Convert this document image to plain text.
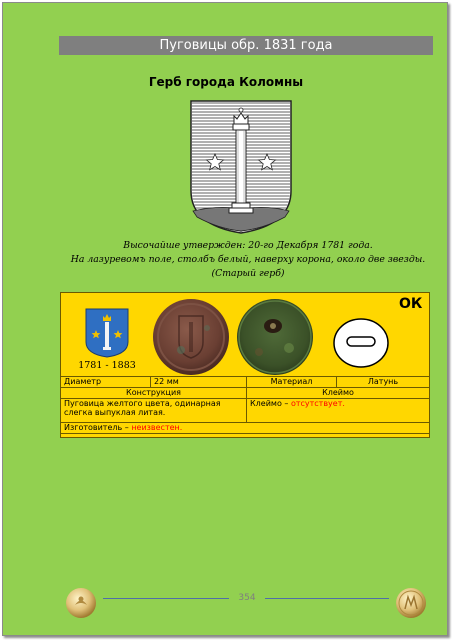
Пуговицы обр. 1831 года
Герб города Коломны
Высочайше утвержден: 20-го Декабря 1781 года.
На лазуревомъ поле, столбъ белый, наверху корона, около две звезды.
(Старый герб)
1781 - 1883
ОК
Диаметр	22 мм	Материал	Латунь
Конструкция		Клеймо	
Пуговица желтого цвета, одинарная слегка выпуклая литая.		Клеймо – отсутствует.	
Изготовитель – неизвестен.			
354
